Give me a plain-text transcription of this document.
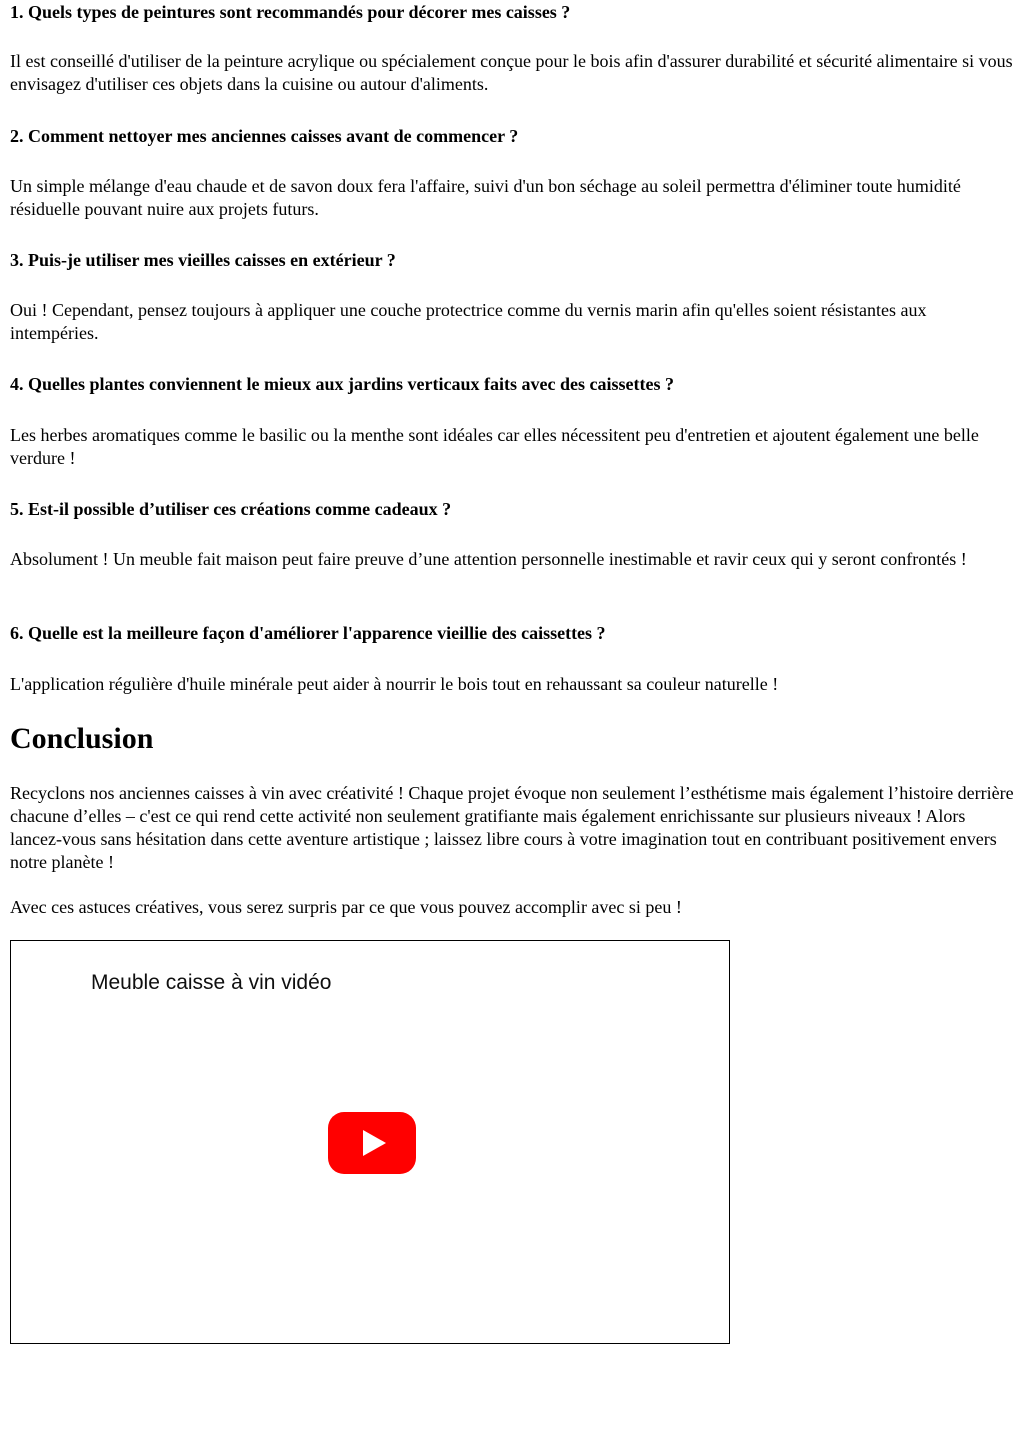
1. Quels types de peintures sont recommandés pour décorer mes caisses ?

Il est conseillé d'utiliser de la peinture acrylique ou spécialement conçue pour le bois afin d'assurer durabilité et sécurité alimentaire si vous envisagez d'utiliser ces objets dans la cuisine ou autour d'aliments.

2. Comment nettoyer mes anciennes caisses avant de commencer ?

Un simple mélange d'eau chaude et de savon doux fera l'affaire, suivi d'un bon séchage au soleil permettra d'éliminer toute humidité résiduelle pouvant nuire aux projets futurs.

3. Puis-je utiliser mes vieilles caisses en extérieur ?

Oui ! Cependant, pensez toujours à appliquer une couche protectrice comme du vernis marin afin qu'elles soient résistantes aux intempéries.

4. Quelles plantes conviennent le mieux aux jardins verticaux faits avec des caissettes ?

Les herbes aromatiques comme le basilic ou la menthe sont idéales car elles nécessitent peu d'entretien et ajoutent également une belle verdure !

5. Est-il possible d’utiliser ces créations comme cadeaux ?

Absolument ! Un meuble fait maison peut faire preuve d’une attention personnelle inestimable et ravir ceux qui y seront confrontés !

6. Quelle est la meilleure façon d'améliorer l'apparence vieillie des caissettes ?

L'application régulière d'huile minérale peut aider à nourrir le bois tout en rehaussant sa couleur naturelle !

Conclusion

Recyclons nos anciennes caisses à vin avec créativité ! Chaque projet évoque non seulement l’esthétisme mais également l’histoire derrière chacune d’elles – c'est ce qui rend cette activité non seulement gratifiante mais également enrichissante sur plusieurs niveaux ! Alors lancez-vous sans hésitation dans cette aventure artistique ; laissez libre cours à votre imagination tout en contribuant positivement envers notre planète !

Avec ces astuces créatives, vous serez surpris par ce que vous pouvez accomplir avec si peu !

Meuble caisse à vin vidéo
